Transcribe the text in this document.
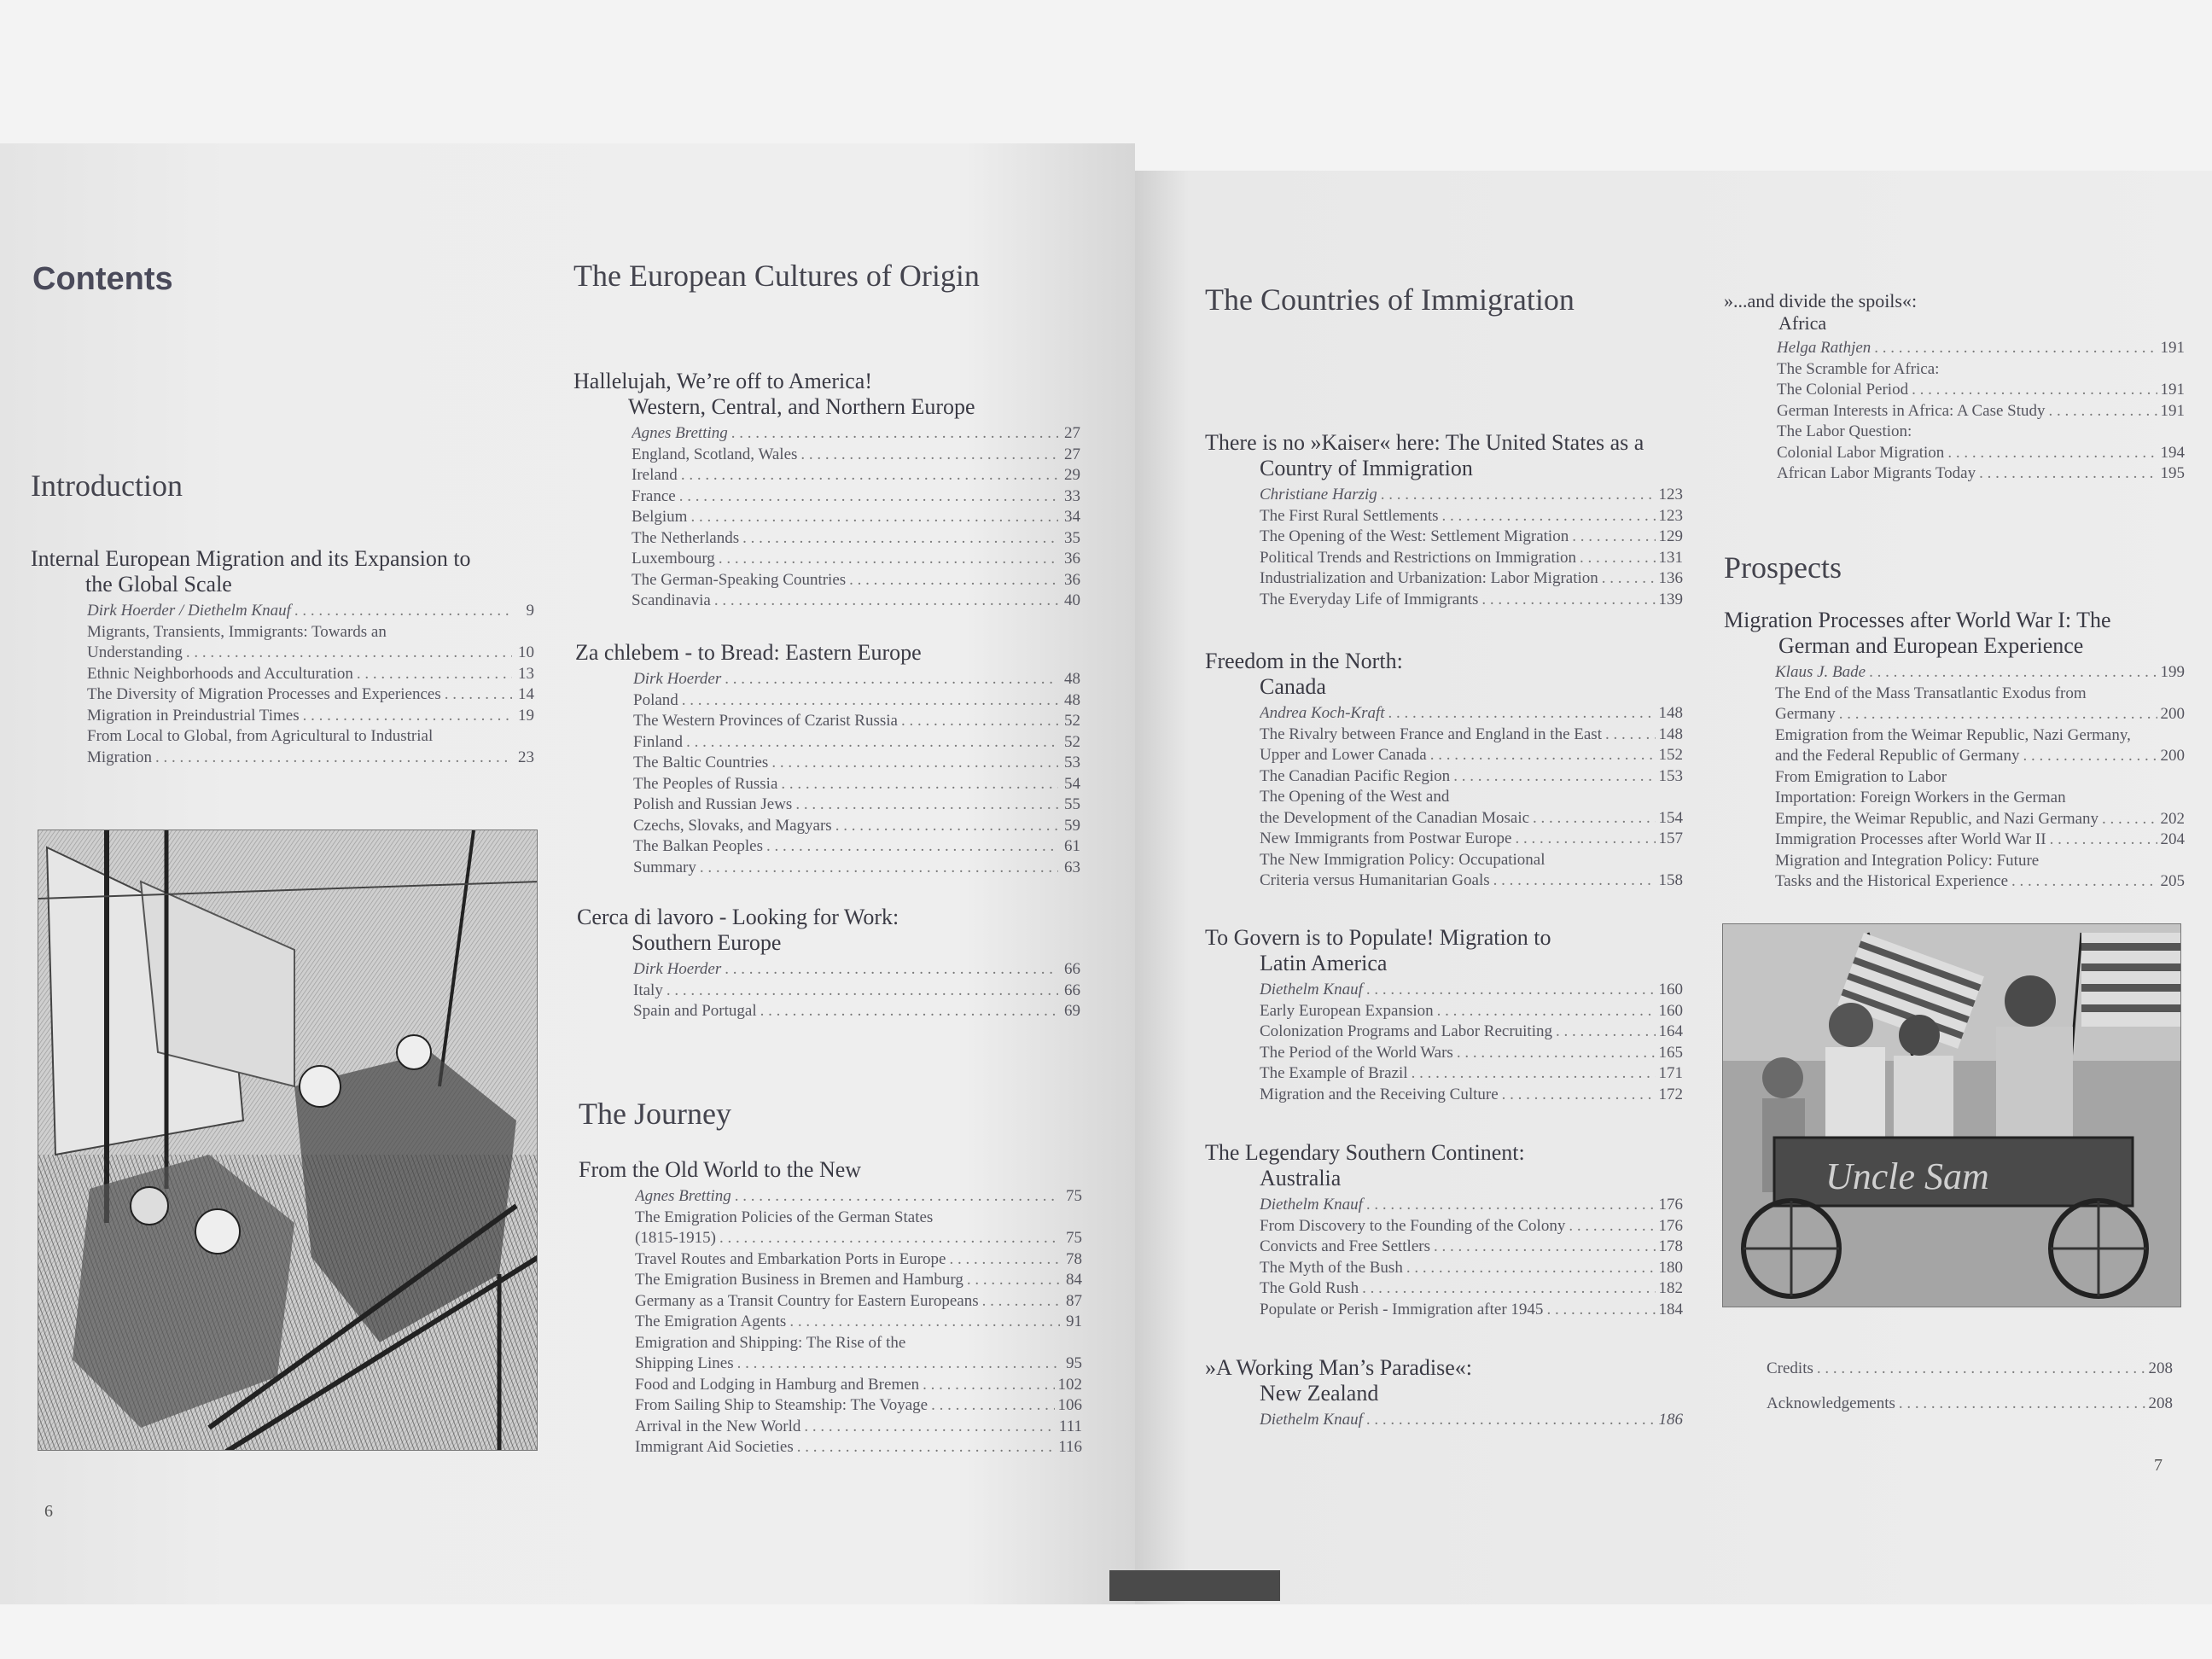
Contents
Introduction
Internal European Migration and its Expansion to

the Global Scale
Dirk Hoerder / Diethelm Knauf . . .	9
Migrants, Transients, Immigrants: Towards an
Understanding . . .	10
Ethnic Neighborhoods and Acculturation . . .	13
The Diversity of Migration Processes and Experiences . . .	14
Migration in Preindustrial Times . . .	19
From Local to Global, from Agricultural to Industrial
Migration . . .	23
The European Cultures of Origin
Hallelujah, We’re off to America!

Western, Central, and Northern Europe
Agnes Bretting . . .	27
England, Scotland, Wales . . .	27
Ireland . . .	29
France . . .	33
Belgium . . .	34
The Netherlands . . .	35
Luxembourg . . .	36
The German-Speaking Countries . . .	36
Scandinavia . . .	40
Za chlebem - to Bread: Eastern Europe
Dirk Hoerder . . .	48
Poland . . .	48
The Western Provinces of Czarist Russia . . .	52
Finland . . .	52
The Baltic Countries . . .	53
The Peoples of Russia . . .	54
Polish and Russian Jews . . .	55
Czechs, Slovaks, and Magyars . . .	59
The Balkan Peoples . . .	61
Summary . . .	63
Cerca di lavoro - Looking for Work:

Southern Europe
Dirk Hoerder . . .	66
Italy . . .	66
Spain and Portugal . . .	69
The Journey
From the Old World to the New
Agnes Bretting . . .	75
The Emigration Policies of the German States
(1815-1915) . . .	75
Travel Routes and Embarkation Ports in Europe . . .	78
The Emigration Business in Bremen and Hamburg . . .	84
Germany as a Transit Country for Eastern Europeans . . .	87
The Emigration Agents . . .	91
Emigration and Shipping: The Rise of the
Shipping Lines . . .	95
Food and Lodging in Hamburg and Bremen . . .	102
From Sailing Ship to Steamship: The Voyage . . .	106
Arrival in the New World . . .	111
Immigrant Aid Societies . . .	116
6
The Countries of Immigration
There is no »Kaiser« here: The United States as a

Country of Immigration
Christiane Harzig . . .	123
The First Rural Settlements . . .	123
The Opening of the West: Settlement Migration . . .	129
Political Trends and Restrictions on Immigration . . .	131
Industrialization and Urbanization: Labor Migration . . .	136
The Everyday Life of Immigrants . . .	139
Freedom in the North:

Canada
Andrea Koch-Kraft . . .	148
The Rivalry between France and England in the East . . .	148
Upper and Lower Canada . . .	152
The Canadian Pacific Region . . .	153
The Opening of the West and
the Development of the Canadian Mosaic . . .	154
New Immigrants from Postwar Europe . . .	157
The New Immigration Policy: Occupational
Criteria versus Humanitarian Goals . . .	158
To Govern is to Populate! Migration to

Latin America
Diethelm Knauf . . .	160
Early European Expansion . . .	160
Colonization Programs and Labor Recruiting . . .	164
The Period of the World Wars . . .	165
The Example of Brazil . . .	171
Migration and the Receiving Culture . . .	172
The Legendary Southern Continent:

Australia
Diethelm Knauf . . .	176
From Discovery to the Founding of the Colony . . .	176
Convicts and Free Settlers . . .	178
The Myth of the Bush . . .	180
The Gold Rush . . .	182
Populate or Perish - Immigration after 1945 . . .	184
»A Working Man’s Paradise«:

New Zealand
Diethelm Knauf . . .	186
»...and divide the spoils«:

Africa
Helga Rathjen . . .	191
The Scramble for Africa:
The Colonial Period . . .	191
German Interests in Africa: A Case Study . . .	191
The Labor Question:
Colonial Labor Migration . . .	194
African Labor Migrants Today . . .	195
Prospects
Migration Processes after World War I: The

German and European Experience
Klaus J. Bade . . .	199
The End of the Mass Transatlantic Exodus from
Germany . . .	200
Emigration from the Weimar Republic, Nazi Germany,
and the Federal Republic of Germany . . .	200
From Emigration to Labor
Importation: Foreign Workers in the German
Empire, the Weimar Republic, and Nazi Germany . . .	202
Immigration Processes after World War II . . .	204
Migration and Integration Policy: Future
Tasks and the Historical Experience . . .	205
Uncle Sam
Credits . . .	208
Acknowledgements . . .	208
7
